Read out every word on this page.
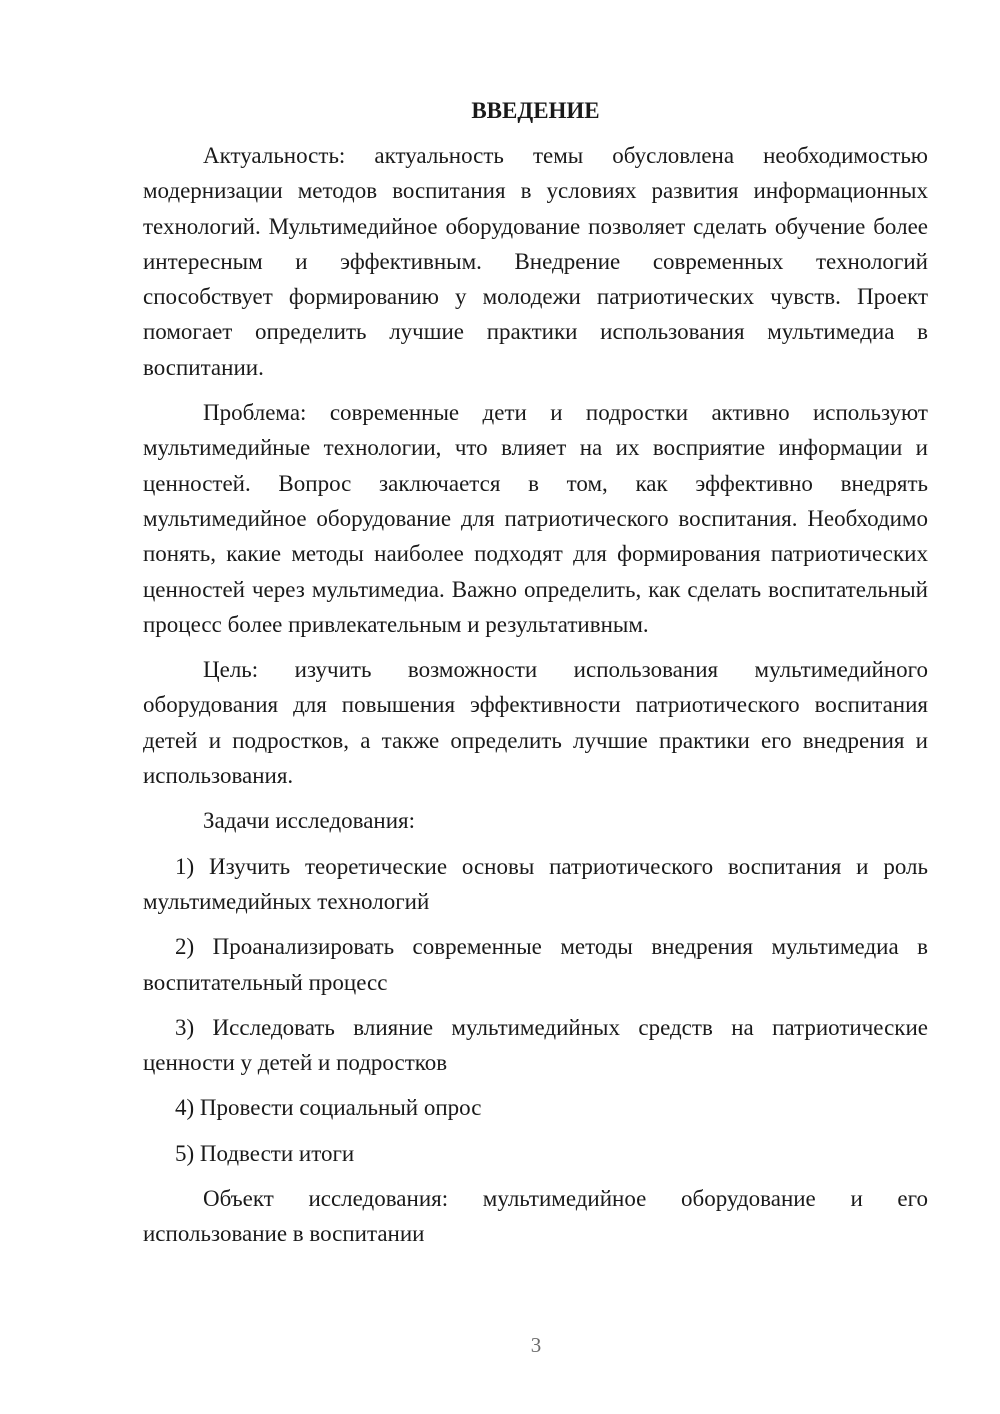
ВВЕДЕНИЕ

Актуальность: актуальность темы обусловлена необходимостью модернизации методов воспитания в условиях развития информационных технологий. Мультимедийное оборудование позволяет сделать обучение более интересным и эффективным. Внедрение современных технологий способствует формированию у молодежи патриотических чувств. Проект помогает определить лучшие практики использования мультимедиа в воспитании.

Проблема: современные дети и подростки активно используют мультимедийные технологии, что влияет на их восприятие информации и ценностей. Вопрос заключается в том, как эффективно внедрять мультимедийное оборудование для патриотического воспитания. Необходимо понять, какие методы наиболее подходят для формирования патриотических ценностей через мультимедиа. Важно определить, как сделать воспитательный процесс более привлекательным и результативным.

Цель: изучить возможности использования мультимедийного оборудования для повышения эффективности патриотического воспитания детей и подростков, а также определить лучшие практики его внедрения и использования.

Задачи исследования:

1) Изучить теоретические основы патриотического воспитания и роль мультимедийных технологий

2) Проанализировать современные методы внедрения мультимедиа в воспитательный процесс

3) Исследовать влияние мультимедийных средств на патриотические ценности у детей и подростков

4) Провести социальный опрос

5) Подвести итоги

Объект исследования: мультимедийное оборудование и его использование в воспитании

3
